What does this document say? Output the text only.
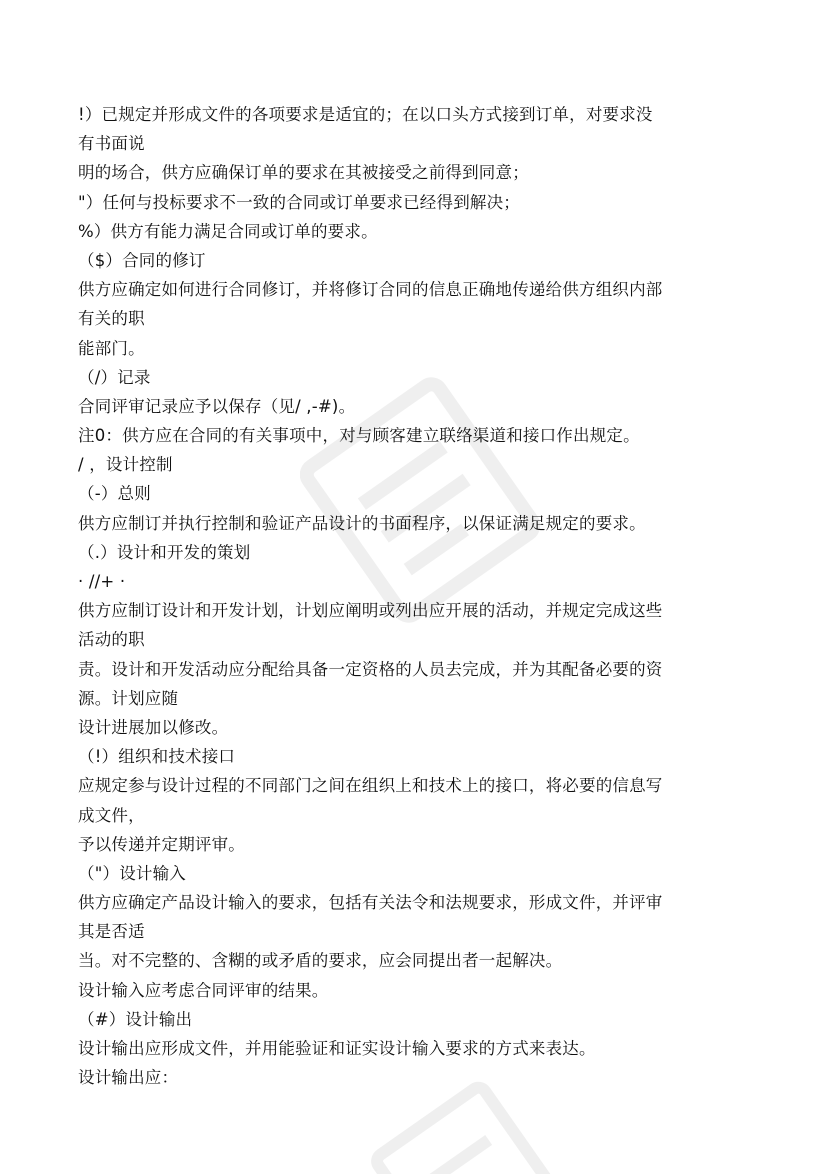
!）已规定并形成文件的各项要求是适宜的；在以口头方式接到订单，对要求没
有书面说
明的场合，供方应确保订单的要求在其被接受之前得到同意；
"）任何与投标要求不一致的合同或订单要求已经得到解决；
%）供方有能力满足合同或订单的要求。
（$）合同的修订
供方应确定如何进行合同修订，并将修订合同的信息正确地传递给供方组织内部
有关的职
能部门。
（/）记录
合同评审记录应予以保存（见/ ,-#)。
注0：供方应在合同的有关事项中，对与顾客建立联络渠道和接口作出规定。
/ ，设计控制
（-）总则
供方应制订并执行控制和验证产品设计的书面程序，以保证满足规定的要求。
（.）设计和开发的策划
· //+ ·
供方应制订设计和开发计划，计划应阐明或列出应开展的活动，并规定完成这些
活动的职
责。设计和开发活动应分配给具备一定资格的人员去完成，并为其配备必要的资
源。计划应随
设计进展加以修改。
（!）组织和技术接口
应规定参与设计过程的不同部门之间在组织上和技术上的接口，将必要的信息写
成文件，
予以传递并定期评审。
（"）设计输入
供方应确定产品设计输入的要求，包括有关法令和法规要求，形成文件，并评审
其是否适
当。对不完整的、含糊的或矛盾的要求，应会同提出者一起解决。
设计输入应考虑合同评审的结果。
（#）设计输出
设计输出应形成文件，并用能验证和证实设计输入要求的方式来表达。
设计输出应：
